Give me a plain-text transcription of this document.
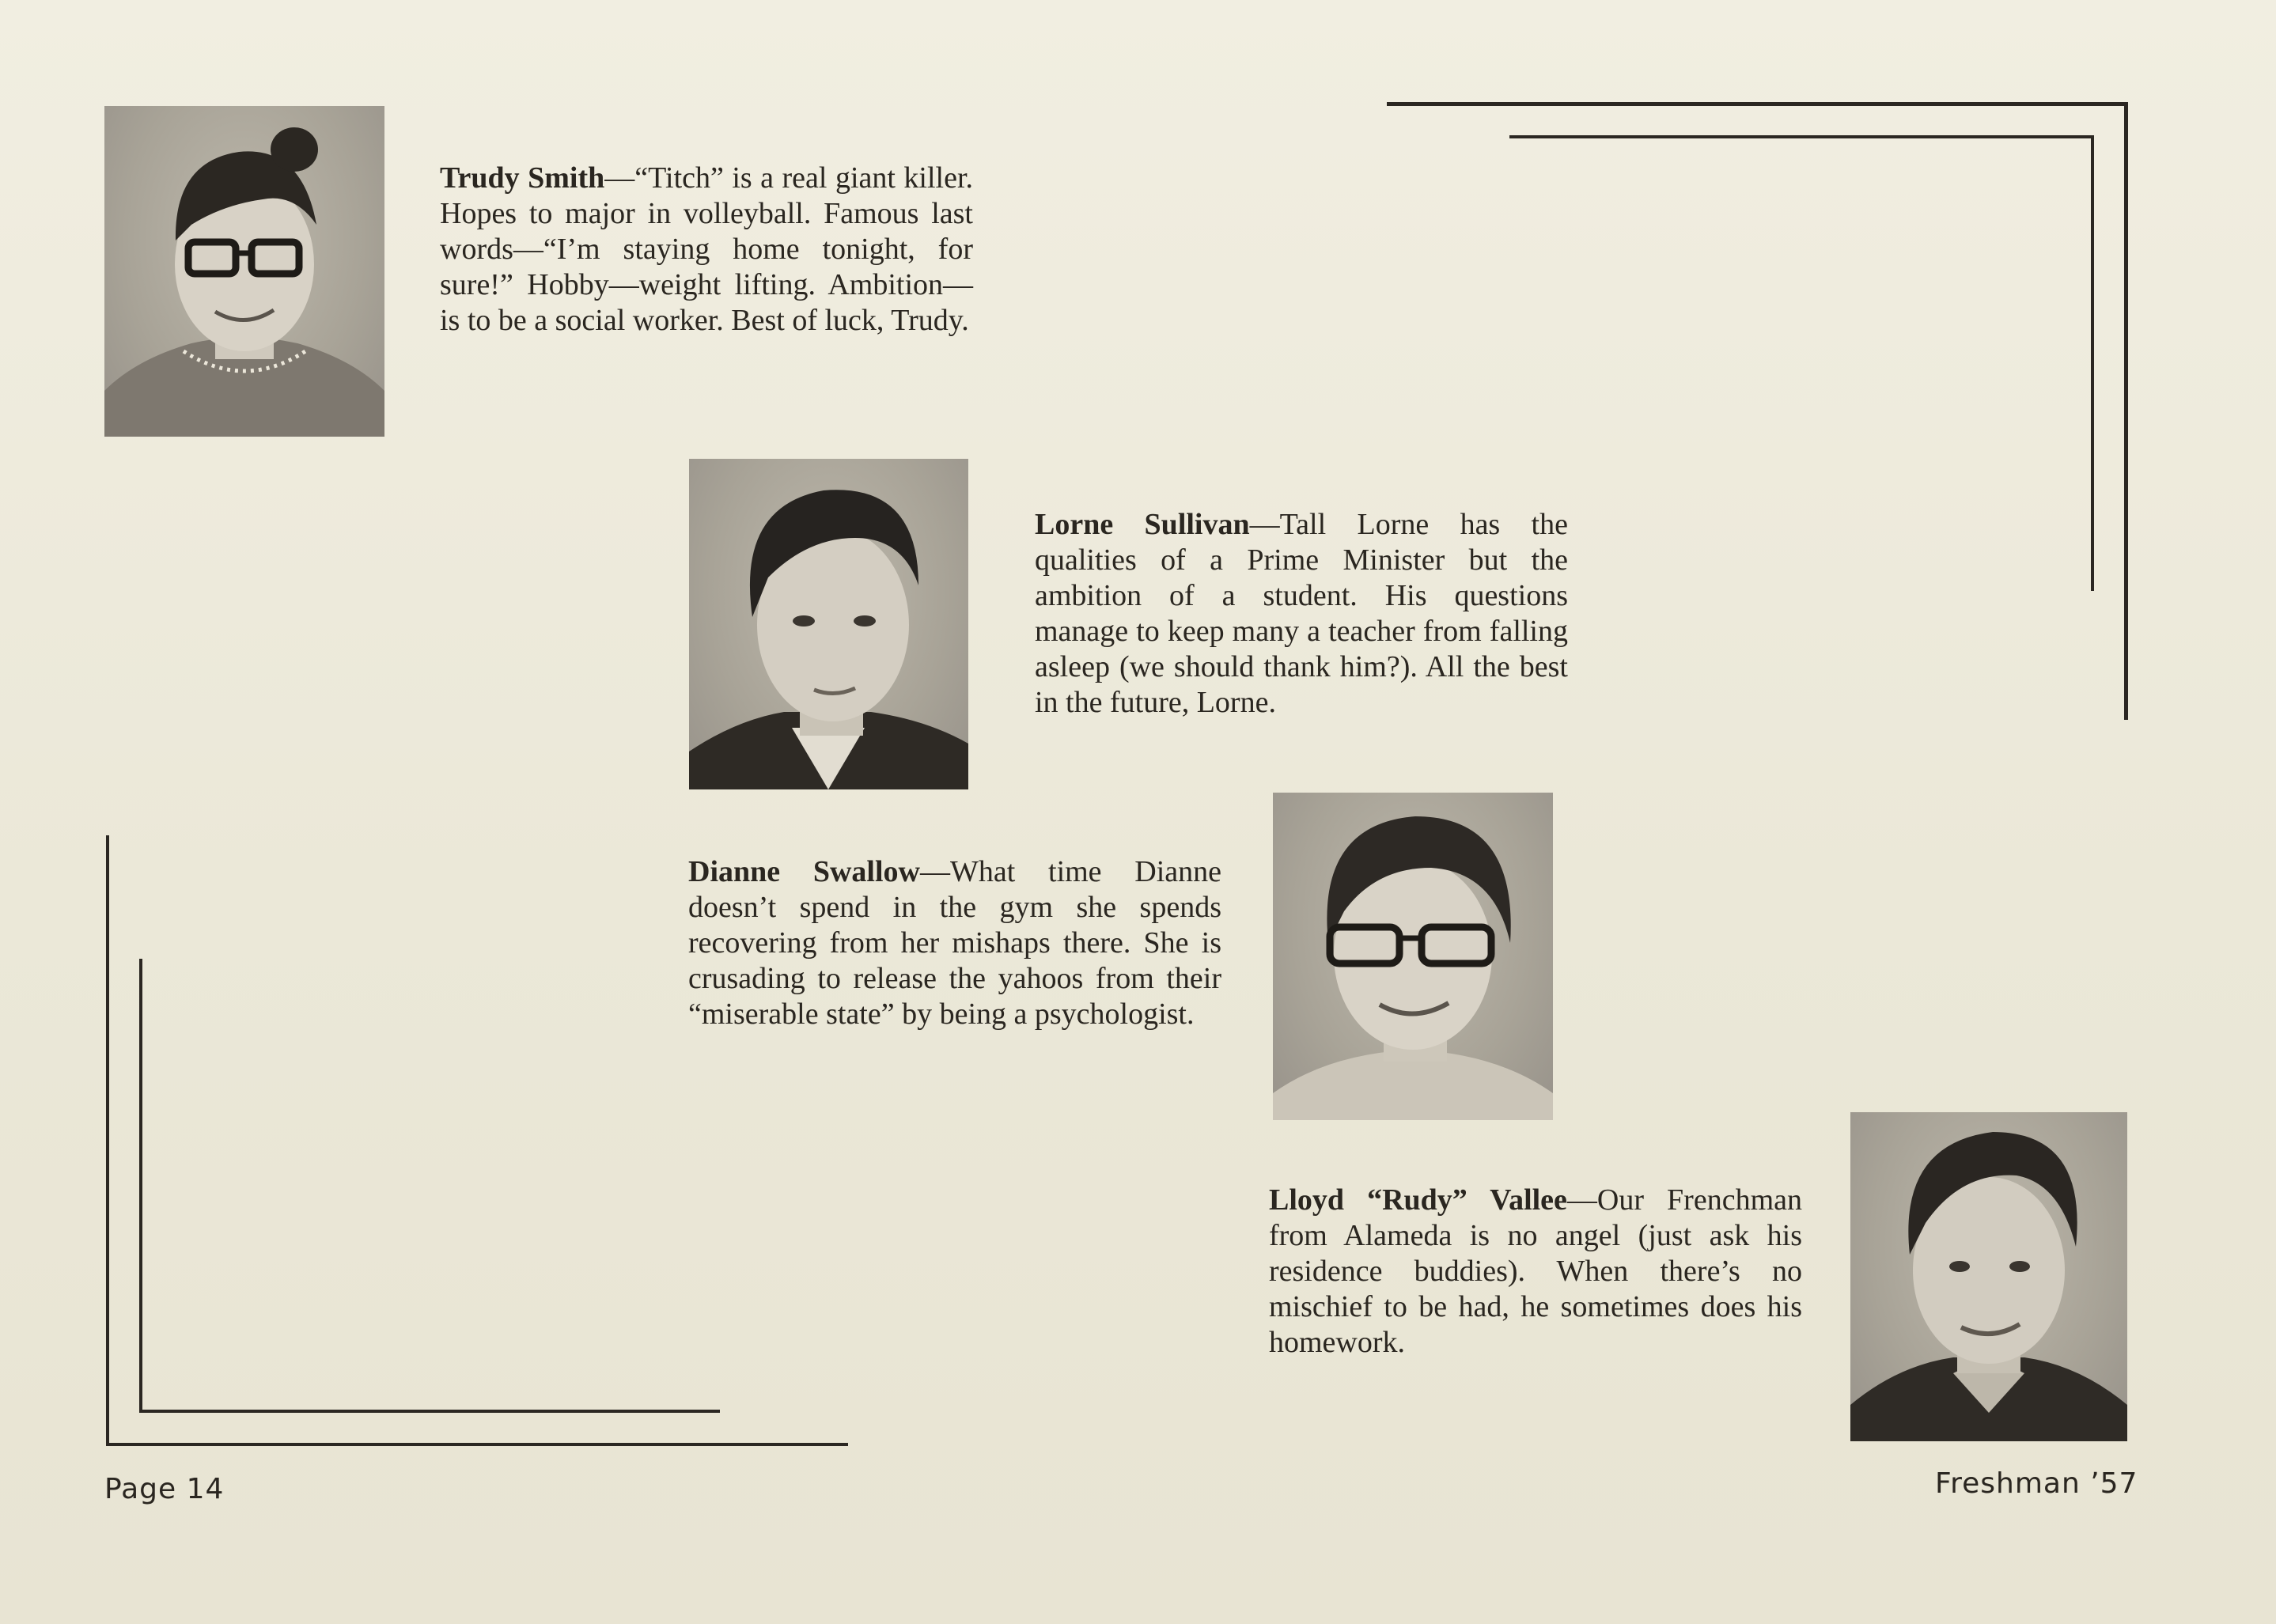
Trudy Smith—“Titch” is a real giant killer. Hopes to major in volleyball. Famous last words—“I’m staying home tonight, for sure!” Hobby—weight lifting. Ambition—is to be a social worker. Best of luck, Trudy.

Lorne Sullivan—Tall Lorne has the qualities of a Prime Minister but the ambition of a student. His questions manage to keep many a teacher from falling asleep (we should thank him?). All the best in the future, Lorne.

Dianne Swallow—What time Dianne doesn’t spend in the gym she spends recovering from her mishaps there. She is crusading to release the yahoos from their “miserable state” by being a psychologist.

Lloyd “Rudy” Vallee—Our Frenchman from Alameda is no angel (just ask his residence buddies). When there’s no mischief to be had, he sometimes does his homework.

Page 14	Freshman ’57
